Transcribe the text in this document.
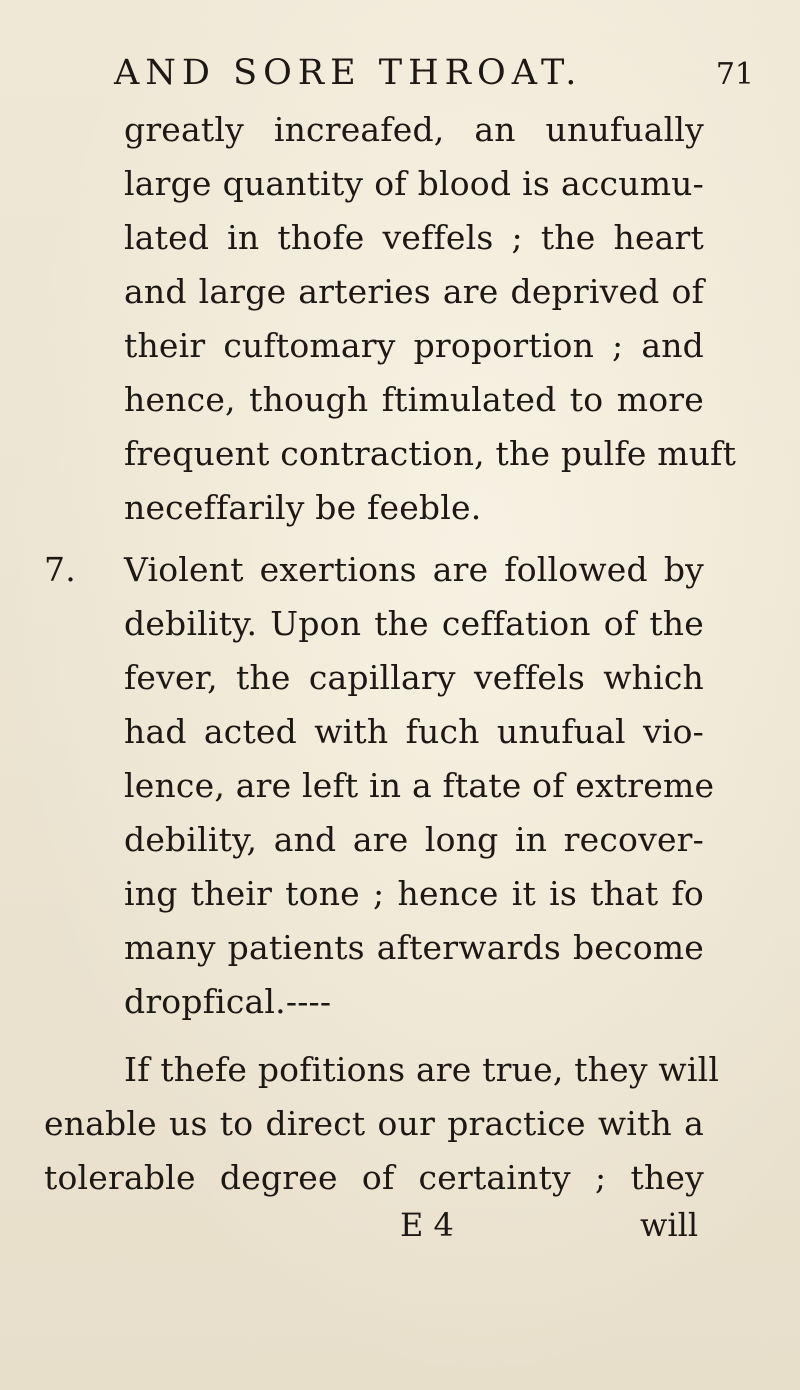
AND SORE THROAT.	71
greatly increafed, an unufually
large quantity of blood is accumu-
lated in thofe veffels ; the heart
and large arteries are deprived of
their cuftomary proportion ; and
hence, though ftimulated to more
frequent contraction, the pulfe muft
neceffarily be feeble.
7. Violent exertions are followed by
debility. Upon the ceffation of the
fever, the capillary veffels which
had acted with fuch unufual vio-
lence, are left in a ftate of extreme
debility, and are long in recover-
ing their tone ; hence it is that fo
many patients afterwards become
dropfical.----
If thefe pofitions are true, they will
enable us to direct our practice with a
tolerable degree of certainty ; they
E 4	will
